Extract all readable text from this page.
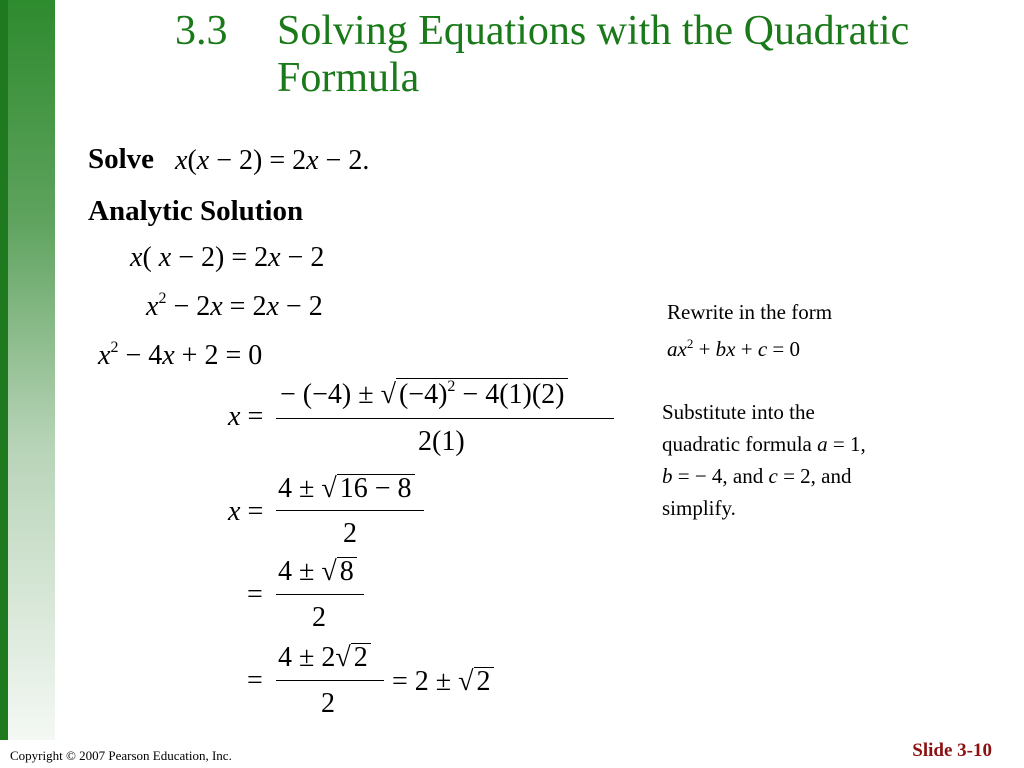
3.3 Solving Equations with the Quadratic Formula
Solve x(x − 2) = 2x − 2.
Analytic Solution
x( x − 2) = 2x − 2
$x^2 - 2x = 2x - 2$
$x^2 - 4x + 2 = 0$
x =
− (−4) ± √ $(-4)^2 - 4(1)(2)$
2(1)
x =
4 ± √ 16 − 8
2
=
4 ± √ 8
2
=
4 ± 2√ 2
2
= 2 ± √ 2
Rewrite in the form
$ax^2$ + bx + c = 0
Substitute into the
quadratic formula a = 1,
b = − 4, and c = 2, and
simplify.
Copyright © 2007 Pearson Education, Inc.	Slide 3-10
